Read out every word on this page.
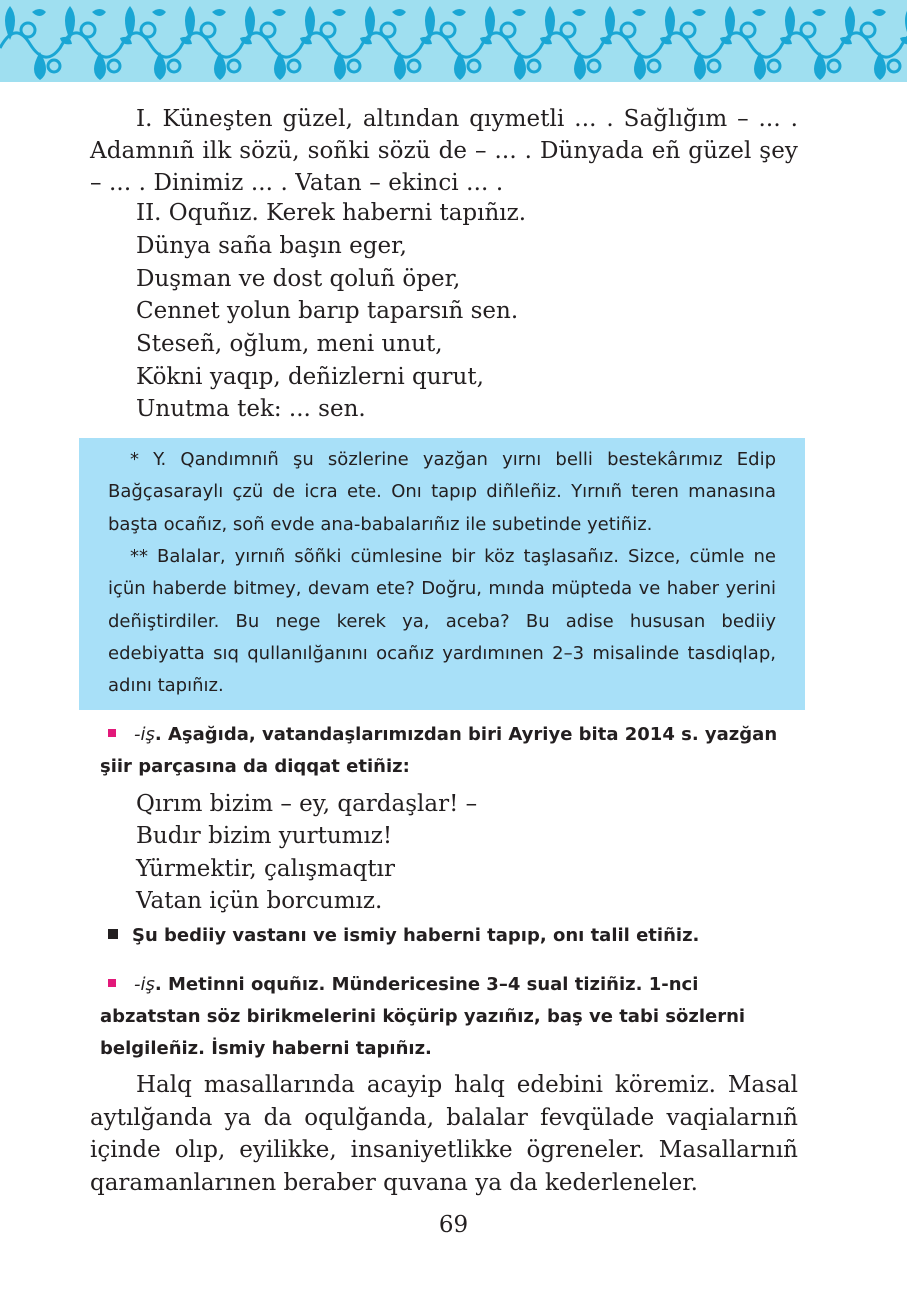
I. Küneşten güzel, altından qıymetli ... . Sağlığım – ... . Adamnıñ ilk sözü, soñki sözü de – ... . Dünyada eñ güzel şey – ... . Dinimiz ... . Vatan – ekinci ... .
II. Oquñız. Kerek haberni tapıñız.
Dünya saña başın eger,
Duşman ve dost qoluñ öper,
Cennet yolun barıp taparsıñ sen.
Steseñ, oğlum, meni unut,
Kökni yaqıp, deñizlerni qurut,
Unutma tek: ... sen.

* Y. Qandımnıñ şu sözlerine yazğan yırnı belli bestekârımız Edip Bağçasaraylı çzü de icra ete. Onı tapıp diñleñiz. Yırnıñ teren manasına başta ocañız, soñ evde ana-babalarıñız ile subetinde yetiñiz.

** Balalar, yırnıñ sõñki cümlesine bir köz taşlasañız. Sizce, cümle ne içün haberde bitmey, devam ete? Doğru, mında müpteda ve haber yerini deñiştirdiler. Bu nege kerek ya, aceba? Bu adise hususan bediiy edebiyatta sıq qullanılğanını ocañız yardımınen 2–3 misalinde tasdiqlap, adını tapıñız.

-iş. Aşağıda, vatandaşlarımızdan biri Ayriye bita 2014 s. yazğan şiir parçasına da diqqat etiñiz:
Qırım bizim – ey, qardaşlar! –
Budır bizim yurtumız!
Yürmektir, çalışmaqtır
Vatan içün borcumız.
Şu bediiy vastanı ve ismiy haberni tapıp, onı talil etiñiz.
-iş. Metinni oquñız. Mündericesine 3–4 sual tiziñiz. 1-nci abzatstan söz birikmelerini köçürip yazıñız, baş ve tabi sözlerni belgileñiz. İsmiy haberni tapıñız.
Halq masallarında acayip halq edebini köremiz. Masal aytılğanda ya da oqulğanda, balalar fevqülade vaqialarnıñ içinde olıp, eyilikke, insaniyetlikke ögreneler. Masallarnıñ qaramanlarınen beraber quvana ya da kederleneler.
69
